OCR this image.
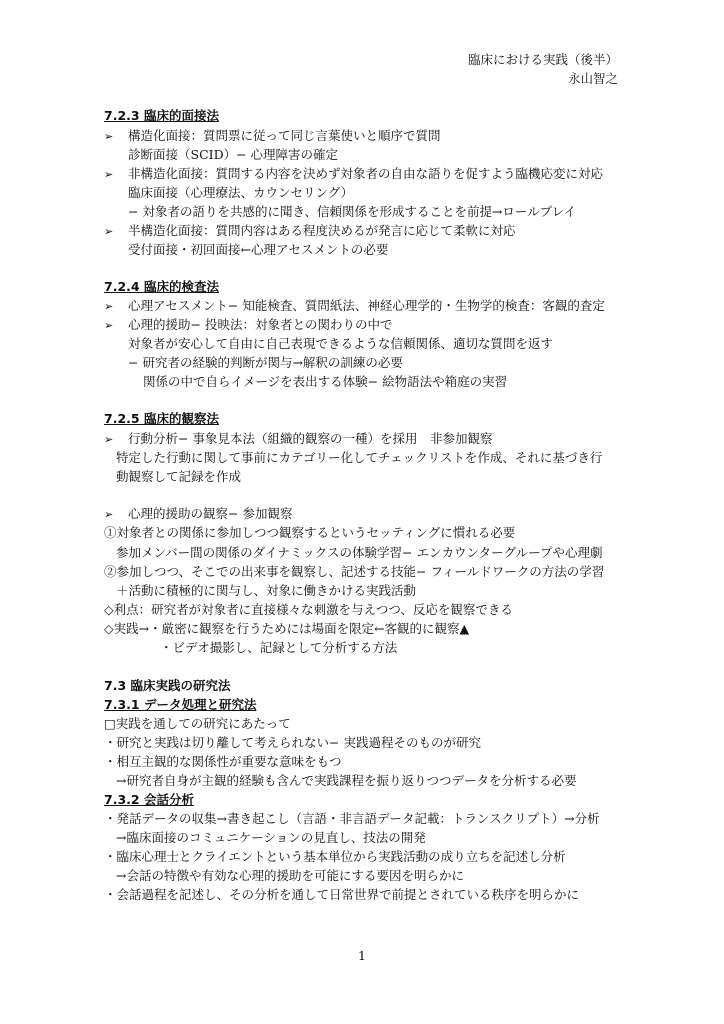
臨床における実践（後半）
永山智之
7.2.3 臨床的面接法
➢ 構造化面接：質問票に従って同じ言葉使いと順序で質問
診断面接（SCID）− 心理障害の確定
➢ 非構造化面接：質問する内容を決めず対象者の自由な語りを促すよう臨機応変に対応
臨床面接（心理療法、カウンセリング）
− 対象者の語りを共感的に聞き、信頼関係を形成することを前提→ロールプレイ
➢ 半構造化面接：質問内容はある程度決めるが発言に応じて柔軟に対応
受付面接・初回面接←心理アセスメントの必要
7.2.4 臨床的検査法
➢ 心理アセスメント− 知能検査、質問紙法、神経心理学的・生物学的検査：客観的査定
➢ 心理的援助− 投映法：対象者との関わりの中で
対象者が安心して自由に自己表現できるような信頼関係、適切な質問を返す
− 研究者の経験的判断が関与→解釈の訓練の必要
関係の中で自らイメージを表出する体験− 絵物語法や箱庭の実習
7.2.5 臨床的観察法
➢ 行動分析− 事象見本法（組織的観察の一種）を採用　非参加観察
特定した行動に関して事前にカテゴリー化してチェックリストを作成、それに基づき行
動観察して記録を作成
➢ 心理的援助の観察− 参加観察
①対象者との関係に参加しつつ観察するというセッティングに慣れる必要
参加メンバー間の関係のダイナミックスの体験学習− エンカウンターグループや心理劇
②参加しつつ、そこでの出来事を観察し、記述する技能− フィールドワークの方法の学習
＋活動に積極的に関与し、対象に働きかける実践活動
◇利点：研究者が対象者に直接様々な刺激を与えつつ、反応を観察できる
◇実践→・厳密に観察を行うためには場面を限定←客観的に観察▲
・ビデオ撮影し、記録として分析する方法
7.3 臨床実践の研究法
7.3.1 データ処理と研究法
□実践を通しての研究にあたって
・研究と実践は切り離して考えられない− 実践過程そのものが研究
・相互主観的な関係性が重要な意味をもつ
→研究者自身が主観的経験も含んで実践課程を振り返りつつデータを分析する必要
7.3.2 会話分析
・発話データの収集→書き起こし（言語・非言語データ記載：トランスクリプト）→分析
→臨床面接のコミュニケーションの見直し、技法の開発
・臨床心理士とクライエントという基本単位から実践活動の成り立ちを記述し分析
→会話の特徴や有効な心理的援助を可能にする要因を明らかに
・会話過程を記述し、その分析を通して日常世界で前提とされている秩序を明らかに
1
